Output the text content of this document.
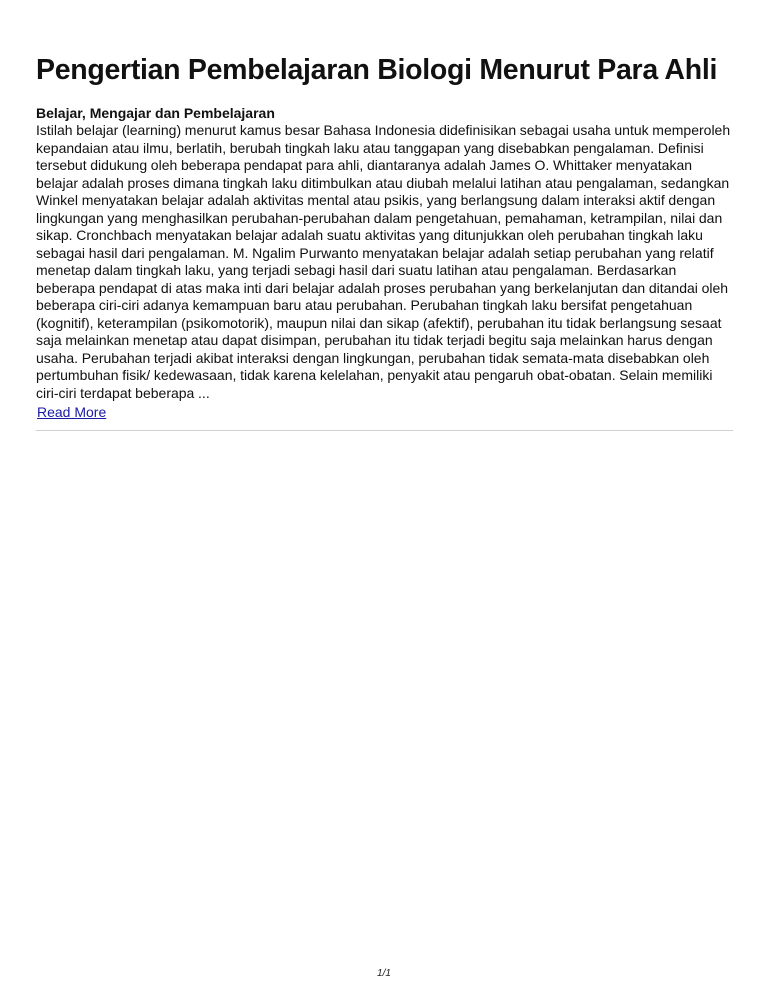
Pengertian Pembelajaran Biologi Menurut Para Ahli

Belajar, Mengajar dan Pembelajaran

Istilah belajar (learning) menurut kamus besar Bahasa Indonesia didefinisikan sebagai usaha untuk memperoleh kepandaian atau ilmu, berlatih, berubah tingkah laku atau tanggapan yang disebabkan pengalaman. Definisi tersebut didukung oleh beberapa pendapat para ahli, diantaranya adalah James O. Whittaker menyatakan belajar adalah proses dimana tingkah laku ditimbulkan atau diubah melalui latihan atau pengalaman, sedangkan Winkel menyatakan belajar adalah aktivitas mental atau psikis, yang berlangsung dalam interaksi aktif dengan lingkungan yang menghasilkan perubahan-perubahan dalam pengetahuan, pemahaman, ketrampilan, nilai dan sikap. Cronchbach menyatakan belajar adalah suatu aktivitas yang ditunjukkan oleh perubahan tingkah laku sebagai hasil dari pengalaman. M. Ngalim Purwanto menyatakan belajar adalah setiap perubahan yang relatif menetap dalam tingkah laku, yang terjadi sebagi hasil dari suatu latihan atau pengalaman. Berdasarkan beberapa pendapat di atas maka inti dari belajar adalah proses perubahan yang berkelanjutan dan ditandai oleh beberapa ciri-ciri adanya kemampuan baru atau perubahan. Perubahan tingkah laku bersifat pengetahuan (kognitif), keterampilan (psikomotorik), maupun nilai dan sikap (afektif), perubahan itu tidak berlangsung sesaat saja melainkan menetap atau dapat disimpan, perubahan itu tidak terjadi begitu saja melainkan harus dengan usaha. Perubahan terjadi akibat interaksi dengan lingkungan, perubahan tidak semata-mata disebabkan oleh pertumbuhan fisik/ kedewasaan, tidak karena kelelahan, penyakit atau pengaruh obat-obatan. Selain memiliki ciri-ciri terdapat beberapa ...

Read More
1/1
